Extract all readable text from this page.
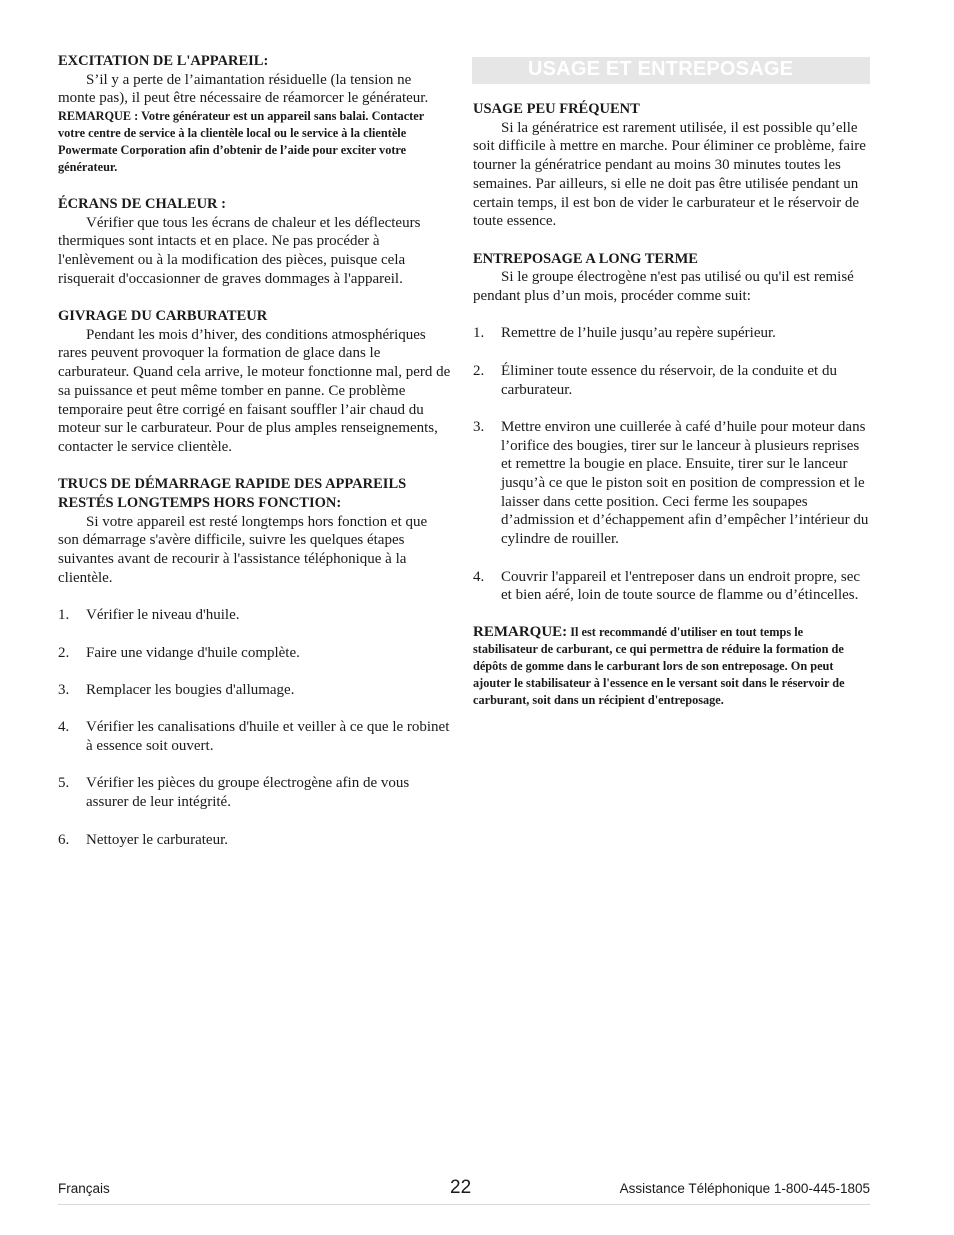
EXCITATION DE L'APPAREIL:

S’il y a perte de l’aimantation résiduelle (la tension ne monte pas), il peut être nécessaire de réamorcer le générateur.

REMARQUE : Votre générateur est un appareil sans balai. Contacter votre centre de service à la clientèle local ou le service à la clientèle Powermate Corporation afin d’obtenir de l’aide pour exciter votre générateur.

ÉCRANS DE CHALEUR :

Vérifier que tous les écrans de chaleur et les déflecteurs thermiques sont intacts et en place. Ne pas procéder à l'enlèvement ou à la modification des pièces, puisque cela risquerait d'occasionner de graves dommages à l'appareil.

GIVRAGE DU CARBURATEUR

Pendant les mois d’hiver, des conditions atmosphériques rares peuvent provoquer la formation de glace dans le carburateur. Quand cela arrive, le moteur fonctionne mal, perd de sa puissance et peut même tomber en panne. Ce problème temporaire peut être corrigé en faisant souffler l’air chaud du moteur sur le carburateur. Pour de plus amples renseignements, contacter le service clientèle.

TRUCS DE DÉMARRAGE RAPIDE DES APPAREILS RESTÉS LONGTEMPS HORS FONCTION:

Si votre appareil est resté longtemps hors fonction et que son démarrage s'avère difficile, suivre les quelques étapes suivantes avant de recourir à l'assistance téléphonique à la clientèle.

1. Vérifier le niveau d'huile.
2. Faire une vidange d'huile complète.
3. Remplacer les bougies d'allumage.
4. Vérifier les canalisations d'huile et veiller à ce que le robinet à essence soit ouvert.
5. Vérifier les pièces du groupe électrogène afin de vous assurer de leur intégrité.
6. Nettoyer le carburateur.
USAGE ET ENTREPOSAGE

USAGE PEU FRÉQUENT

Si la génératrice est rarement utilisée, il est possible qu’elle soit difficile à mettre en marche. Pour éliminer ce problème, faire tourner la génératrice pendant au moins 30 minutes toutes les semaines. Par ailleurs, si elle ne doit pas être utilisée pendant un certain temps, il est bon de vider le carburateur et le réservoir de toute essence.

ENTREPOSAGE A LONG TERME

Si le groupe électrogène n'est pas utilisé ou qu'il est remisé pendant plus d’un mois, procéder comme suit:

1. Remettre de l’huile jusqu’au repère supérieur.
2. Éliminer toute essence du réservoir, de la conduite et du carburateur.
3. Mettre environ une cuillerée à café d’huile pour moteur dans l’orifice des bougies, tirer sur le lanceur à plusieurs reprises et remettre la bougie en place. Ensuite, tirer sur le lanceur jusqu’à ce que le piston soit en position de compression et le laisser dans cette position. Ceci ferme les soupapes d’admission et d’échappement afin d’empêcher l’intérieur du cylindre de rouiller.
4. Couvrir l'appareil et l'entreposer dans un endroit propre, sec et bien aéré, loin de toute source de flamme ou d’étincelles.

REMARQUE: Il est recommandé d'utiliser en tout temps le stabilisateur de carburant, ce qui permettra de réduire la formation de dépôts de gomme dans le carburant lors de son entreposage. On peut ajouter le stabilisateur à l'essence en le versant soit dans le réservoir de carburant, soit dans un récipient d'entreposage.

Français	22	Assistance Téléphonique 1-800-445-1805
